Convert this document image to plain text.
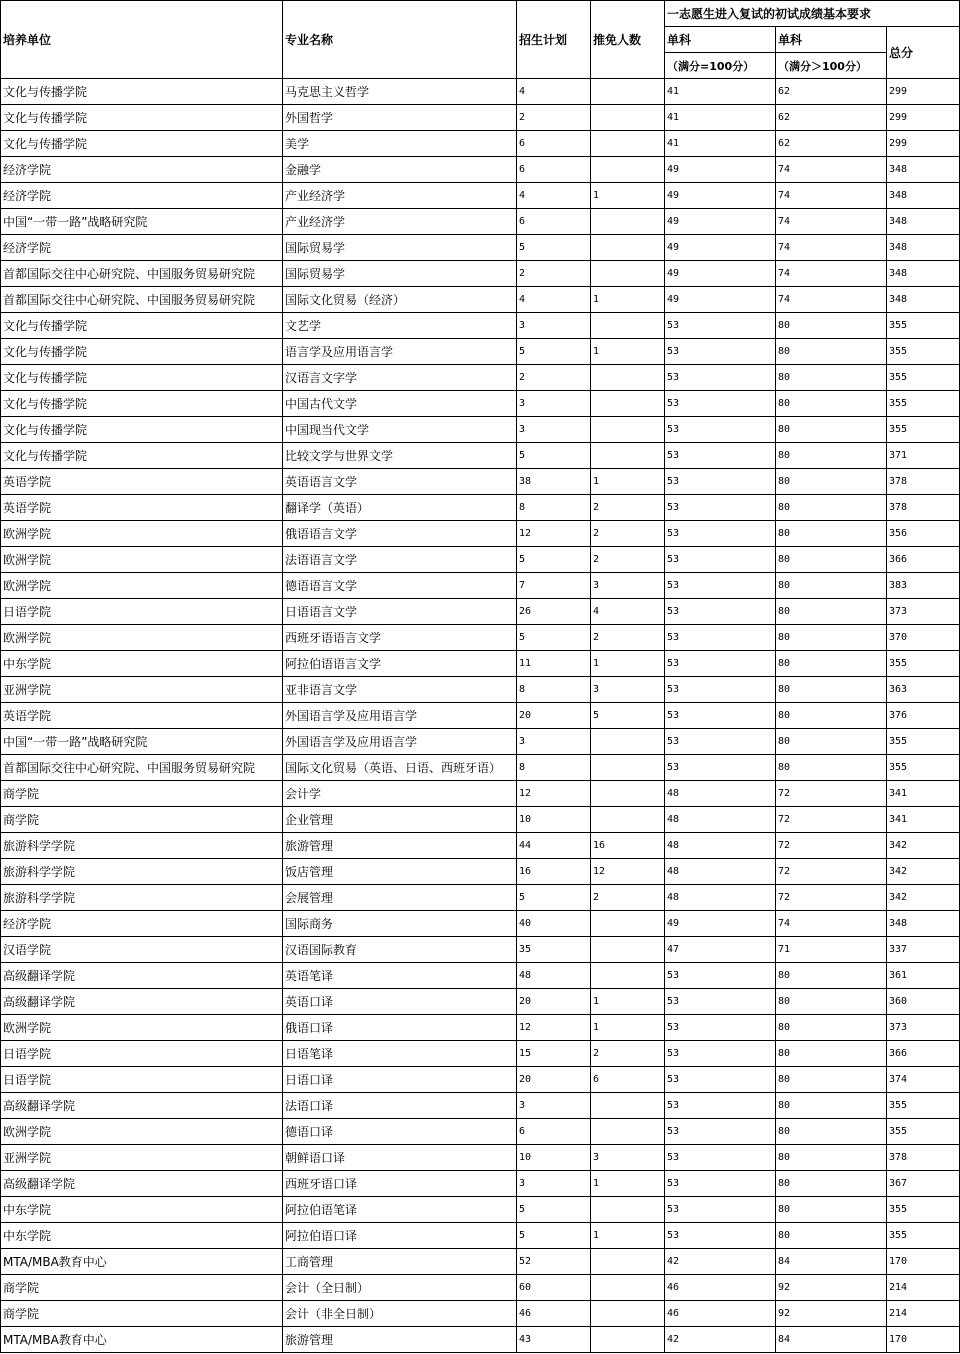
培养单位	专业名称	招生计划	推免人数	一志愿生进入复试的初试成绩基本要求		
				单科	单科	总分
				（满分=100分）	（满分＞100分）	
文化与传播学院	马克思主义哲学	4		41	62	299
文化与传播学院	外国哲学	2		41	62	299
文化与传播学院	美学	6		41	62	299
经济学院	金融学	6		49	74	348
经济学院	产业经济学	4	1	49	74	348
中国“一带一路”战略研究院	产业经济学	6		49	74	348
经济学院	国际贸易学	5		49	74	348
首都国际交往中心研究院、中国服务贸易研究院	国际贸易学	2		49	74	348
首都国际交往中心研究院、中国服务贸易研究院	国际文化贸易（经济）	4	1	49	74	348
文化与传播学院	文艺学	3		53	80	355
文化与传播学院	语言学及应用语言学	5	1	53	80	355
文化与传播学院	汉语言文字学	2		53	80	355
文化与传播学院	中国古代文学	3		53	80	355
文化与传播学院	中国现当代文学	3		53	80	355
文化与传播学院	比较文学与世界文学	5		53	80	371
英语学院	英语语言文学	38	1	53	80	378
英语学院	翻译学（英语）	8	2	53	80	378
欧洲学院	俄语语言文学	12	2	53	80	356
欧洲学院	法语语言文学	5	2	53	80	366
欧洲学院	德语语言文学	7	3	53	80	383
日语学院	日语语言文学	26	4	53	80	373
欧洲学院	西班牙语语言文学	5	2	53	80	370
中东学院	阿拉伯语语言文学	11	1	53	80	355
亚洲学院	亚非语言文学	8	3	53	80	363
英语学院	外国语言学及应用语言学	20	5	53	80	376
中国“一带一路”战略研究院	外国语言学及应用语言学	3		53	80	355
首都国际交往中心研究院、中国服务贸易研究院	国际文化贸易（英语、日语、西班牙语）	8		53	80	355
商学院	会计学	12		48	72	341
商学院	企业管理	10		48	72	341
旅游科学学院	旅游管理	44	16	48	72	342
旅游科学学院	饭店管理	16	12	48	72	342
旅游科学学院	会展管理	5	2	48	72	342
经济学院	国际商务	40		49	74	348
汉语学院	汉语国际教育	35		47	71	337
高级翻译学院	英语笔译	48		53	80	361
高级翻译学院	英语口译	20	1	53	80	360
欧洲学院	俄语口译	12	1	53	80	373
日语学院	日语笔译	15	2	53	80	366
日语学院	日语口译	20	6	53	80	374
高级翻译学院	法语口译	3		53	80	355
欧洲学院	德语口译	6		53	80	355
亚洲学院	朝鲜语口译	10	3	53	80	378
高级翻译学院	西班牙语口译	3	1	53	80	367
中东学院	阿拉伯语笔译	5		53	80	355
中东学院	阿拉伯语口译	5	1	53	80	355
MTA/MBA教育中心	工商管理	52		42	84	170
商学院	会计（全日制）	60		46	92	214
商学院	会计（非全日制）	46		46	92	214
MTA/MBA教育中心	旅游管理	43		42	84	170
